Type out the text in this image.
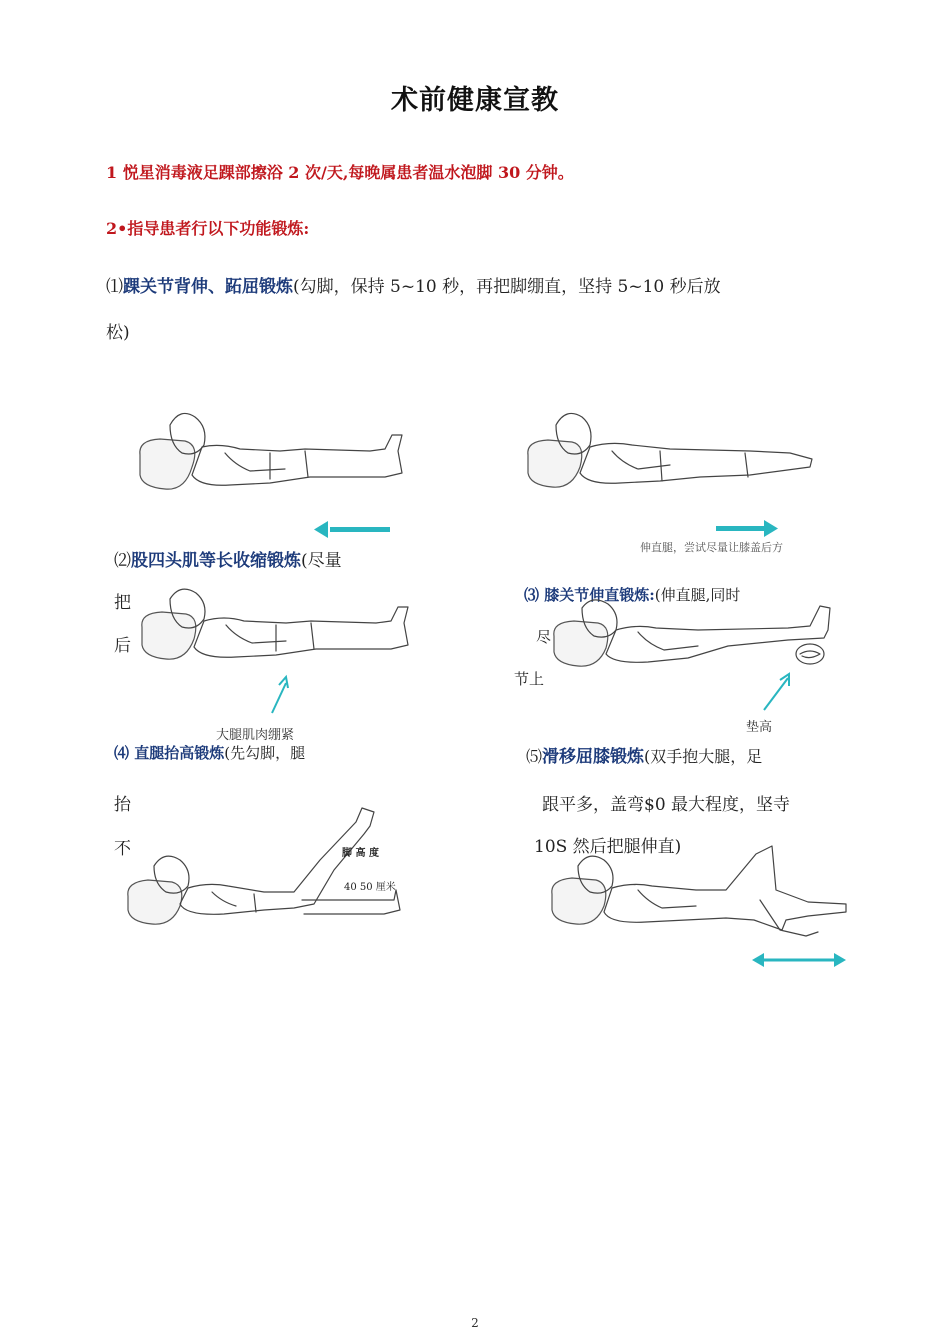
术前健康宣教
1 悦星消毒液足踝部擦浴 2 次/天,每晚属患者温水泡脚 30 分钟。
2•指导患者行以下功能锻炼:
⑴踝关节背伸、跖屈锻炼(勾脚，保持 5~10 秒，再把脚绷直，坚持 5~10 秒后放
松)
伸直腿，尝试尽量让膝盖后方
⑵股四头肌等长收缩锻炼(尽量
把
后
大腿肌肉绷紧
⑶ 膝关节伸直锻炼:(伸直腿,同时
尽
节上
垫高
⑷ 直腿抬高锻炼(先勾脚，腿
抬
不	脚 高 度
40 50 厘米
⑸滑移屈膝锻炼(双手抱大腿，足
跟平多，盖弯$0 最大程度，坚寺
10S 然后把腿伸直)
2
